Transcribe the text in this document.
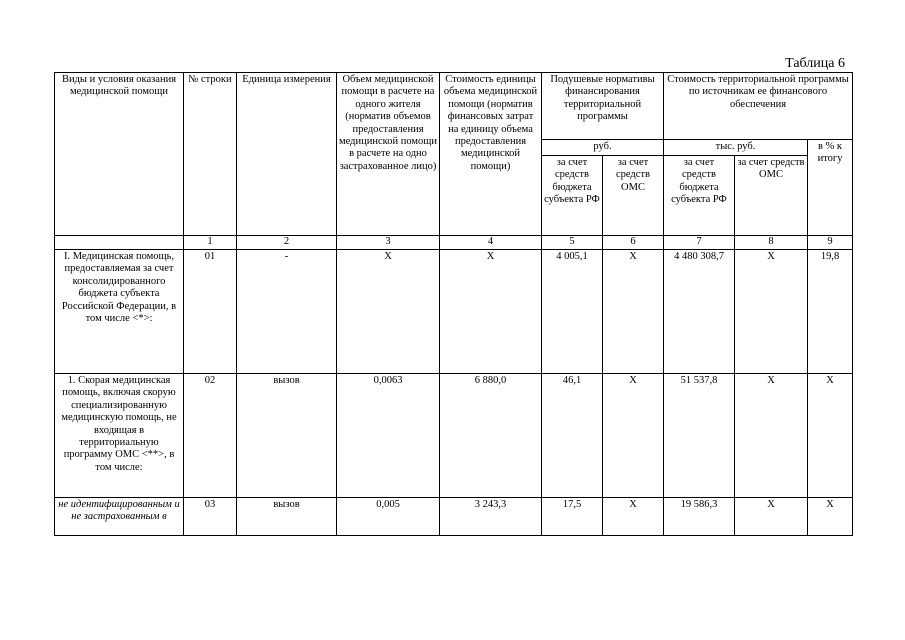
Таблица 6
Виды и условия оказания медицинской помощи	№ строки	Единица измерения	Объем медицинской помощи в расчете на одного жителя (норматив объемов предоставления медицинской помощи в расчете на одно застрахованное лицо)	Стоимость единицы объема медицинской помощи (норматив финансовых затрат на единицу объема предоставления медицинской помощи)	Подушевые нормативы финансирования территориальной программы		Стоимость территориальной программы по источникам ее финансового обеспечения		
					руб.		тыс. руб.		в % к итогу
					за счет средств бюджета субъекта РФ	за счет средств ОМС	за счет средств бюджета субъекта РФ	за счет средств ОМС	
	1	2	3	4	5	6	7	8	9
I. Медицинская помощь, предоставляемая за счет консолидированного бюджета субъекта Российской Федерации, в том числе <*>:	01	-	X	X	4 005,1	X	4 480 308,7	X	19,8
1. Скорая медицинская помощь, включая скорую специализированную медицинскую помощь, не входящая в территориальную программу ОМС <**>, в том числе:	02	вызов	0,0063	6 880,0	46,1	X	51 537,8	X	X
не идентифицированным и не застрахованным в	03	вызов	0,005	3 243,3	17,5	X	19 586,3	X	X
